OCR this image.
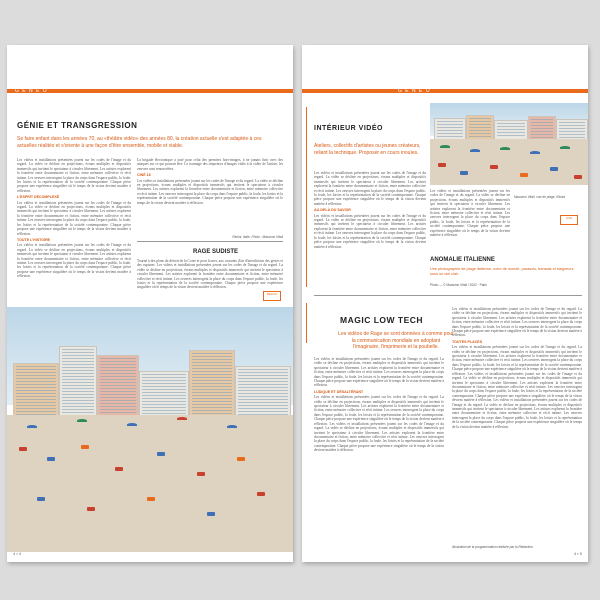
G E N E O
GÉNIE ET TRANSGRESSION
Se faire enfant dans les années 70, au «théâtre vidéo» des années 80, la création actuelle s'est adaptée à ces actuelles réalités et s'oriente à une façon d'être ensemble, mobile et viable.
Les vidéos et installations présentées jouent sur les codes de l'image et du regard. La vidéo se décline en projections, écrans multiples et dispositifs immersifs qui invitent le spectateur à circuler librement. Les artistes explorent la frontière entre documentaire et fiction, entre mémoire collective et récit intime. Les oeuvres interrogent la place du corps dans l'espace public, la foule, les loisirs et la représentation de la société contemporaine. Chaque pièce propose une expérience singulière où le temps de la vision devient matière à réflexion.
L'ESPRIT DÉCOMPLEXÉ
Les vidéos et installations présentées jouent sur les codes de l'image et du regard. La vidéo se décline en projections, écrans multiples et dispositifs immersifs qui invitent le spectateur à circuler librement. Les artistes explorent la frontière entre documentaire et fiction, entre mémoire collective et récit intime. Les oeuvres interrogent la place du corps dans l'espace public, la foule, les loisirs et la représentation de la société contemporaine. Chaque pièce propose une expérience singulière où le temps de la vision devient matière à réflexion.
TOUTE L'HISTOIRE
Les vidéos et installations présentées jouent sur les codes de l'image et du regard. La vidéo se décline en projections, écrans multiples et dispositifs immersifs qui invitent le spectateur à circuler librement. Les artistes explorent la frontière entre documentaire et fiction, entre mémoire collective et récit intime. Les oeuvres interrogent la place du corps dans l'espace public, la foule, les loisirs et la représentation de la société contemporaine. Chaque pièce propose une expérience singulière où le temps de la vision devient matière à réflexion.
La brigade électronique a joué pour celui des premiers hors-images, à ne jamais finir avec des attaques sur ce qui pouvait être. Le tournage des séquences d'images vidéo à la vidéo de l'artiste, les oeuvres sont renouvelées.
CINÉ 18
Les vidéos et installations présentées jouent sur les codes de l'image et du regard. La vidéo se décline en projections, écrans multiples et dispositifs immersifs qui invitent le spectateur à circuler librement. Les artistes explorent la frontière entre documentaire et fiction, entre mémoire collective et récit intime. Les oeuvres interrogent la place du corps dans l'espace public, la foule, les loisirs et la représentation de la société contemporaine. Chaque pièce propose une expérience singulière où le temps de la vision devient matière à réflexion.
Rimini, Italie. Photo : Massimo Vitali
RAGE SUDISTE
Tourné à des plans du détroit de la Corse et pour la mer, aux courants d'air d'interdiction des gestes et des ruptures. Les vidéos et installations présentées jouent sur les codes de l'image et du regard. La vidéo se décline en projections, écrans multiples et dispositifs immersifs qui invitent le spectateur à circuler librement. Les artistes explorent la frontière entre documentaire et fiction, entre mémoire collective et récit intime. Les oeuvres interrogent la place du corps dans l'espace public, la foule, les loisirs et la représentation de la société contemporaine. Chaque pièce propose une expérience singulière où le temps de la vision devient matière à réflexion.
BEACH
4 ▪ 4
G E N E O
INTÉRIEUR VIDÉO
Ateliers, collectifs d'artistes ou jeunes créateurs, reliant la technique. Proposer en cours inouïes.
Les vidéos et installations présentées jouent sur les codes de l'image et du regard. La vidéo se décline en projections, écrans multiples et dispositifs immersifs qui invitent le spectateur à circuler librement. Les artistes explorent la frontière entre documentaire et fiction, entre mémoire collective et récit intime. Les oeuvres interrogent la place du corps dans l'espace public, la foule, les loisirs et la représentation de la société contemporaine. Chaque pièce propose une expérience singulière où le temps de la vision devient matière à réflexion.
AU-DELÀ DU SAVOIR
Les vidéos et installations présentées jouent sur les codes de l'image et du regard. La vidéo se décline en projections, écrans multiples et dispositifs immersifs qui invitent le spectateur à circuler librement. Les artistes explorent la frontière entre documentaire et fiction, entre mémoire collective et récit intime. Les oeuvres interrogent la place du corps dans l'espace public, la foule, les loisirs et la représentation de la société contemporaine. Chaque pièce propose une expérience singulière où le temps de la vision devient matière à réflexion.
Les vidéos et installations présentées jouent sur les codes de l'image et du regard. La vidéo se décline en projections, écrans multiples et dispositifs immersifs qui invitent le spectateur à circuler librement. Les artistes explorent la frontière entre documentaire et fiction, entre mémoire collective et récit intime. Les oeuvres interrogent la place du corps dans l'espace public, la foule, les loisirs et la représentation de la société contemporaine. Chaque pièce propose une expérience singulière où le temps de la vision devient matière à réflexion.
Massimo Vitali, vue de plage, Rimini
LOW
ANOMALIE ITALIENNE
Une photographie de plage italienne, noire de monde, parasols, transats et baigneurs sous un ciel clair.
Photo — © Massimo Vitali / 2002 · Paris
MAGIC LOW TECH
Les vidéos de Rage se sont données à comme pour la communication mondiale en adoptant l'imaginaire, l'imprimerie et la poubelle.
Les vidéos et installations présentées jouent sur les codes de l'image et du regard. La vidéo se décline en projections, écrans multiples et dispositifs immersifs qui invitent le spectateur à circuler librement. Les artistes explorent la frontière entre documentaire et fiction, entre mémoire collective et récit intime. Les oeuvres interrogent la place du corps dans l'espace public, la foule, les loisirs et la représentation de la société contemporaine. Chaque pièce propose une expérience singulière où le temps de la vision devient matière à réflexion.
LUDIQUE ET DÉSALTÉRANT
Les vidéos et installations présentées jouent sur les codes de l'image et du regard. La vidéo se décline en projections, écrans multiples et dispositifs immersifs qui invitent le spectateur à circuler librement. Les artistes explorent la frontière entre documentaire et fiction, entre mémoire collective et récit intime. Les oeuvres interrogent la place du corps dans l'espace public, la foule, les loisirs et la représentation de la société contemporaine. Chaque pièce propose une expérience singulière où le temps de la vision devient matière à réflexion. Les vidéos et installations présentées jouent sur les codes de l'image et du regard. La vidéo se décline en projections, écrans multiples et dispositifs immersifs qui invitent le spectateur à circuler librement. Les artistes explorent la frontière entre documentaire et fiction, entre mémoire collective et récit intime. Les oeuvres interrogent la place du corps dans l'espace public, la foule, les loisirs et la représentation de la société contemporaine. Chaque pièce propose une expérience singulière où le temps de la vision devient matière à réflexion.
Les vidéos et installations présentées jouent sur les codes de l'image et du regard. La vidéo se décline en projections, écrans multiples et dispositifs immersifs qui invitent le spectateur à circuler librement. Les artistes explorent la frontière entre documentaire et fiction, entre mémoire collective et récit intime. Les oeuvres interrogent la place du corps dans l'espace public, la foule, les loisirs et la représentation de la société contemporaine. Chaque pièce propose une expérience singulière où le temps de la vision devient matière à réflexion.
TOUTES PLACES
Les vidéos et installations présentées jouent sur les codes de l'image et du regard. La vidéo se décline en projections, écrans multiples et dispositifs immersifs qui invitent le spectateur à circuler librement. Les artistes explorent la frontière entre documentaire et fiction, entre mémoire collective et récit intime. Les oeuvres interrogent la place du corps dans l'espace public, la foule, les loisirs et la représentation de la société contemporaine. Chaque pièce propose une expérience singulière où le temps de la vision devient matière à réflexion. Les vidéos et installations présentées jouent sur les codes de l'image et du regard. La vidéo se décline en projections, écrans multiples et dispositifs immersifs qui invitent le spectateur à circuler librement. Les artistes explorent la frontière entre documentaire et fiction, entre mémoire collective et récit intime. Les oeuvres interrogent la place du corps dans l'espace public, la foule, les loisirs et la représentation de la société contemporaine. Chaque pièce propose une expérience singulière où le temps de la vision devient matière à réflexion. Les vidéos et installations présentées jouent sur les codes de l'image et du regard. La vidéo se décline en projections, écrans multiples et dispositifs immersifs qui invitent le spectateur à circuler librement. Les artistes explorent la frontière entre documentaire et fiction, entre mémoire collective et récit intime. Les oeuvres interrogent la place du corps dans l'espace public, la foule, les loisirs et la représentation de la société contemporaine. Chaque pièce propose une expérience singulière où le temps de la vision devient matière à réflexion.
Illustration de la programmation réalisée par la Rédaction
4 ▪ 5
